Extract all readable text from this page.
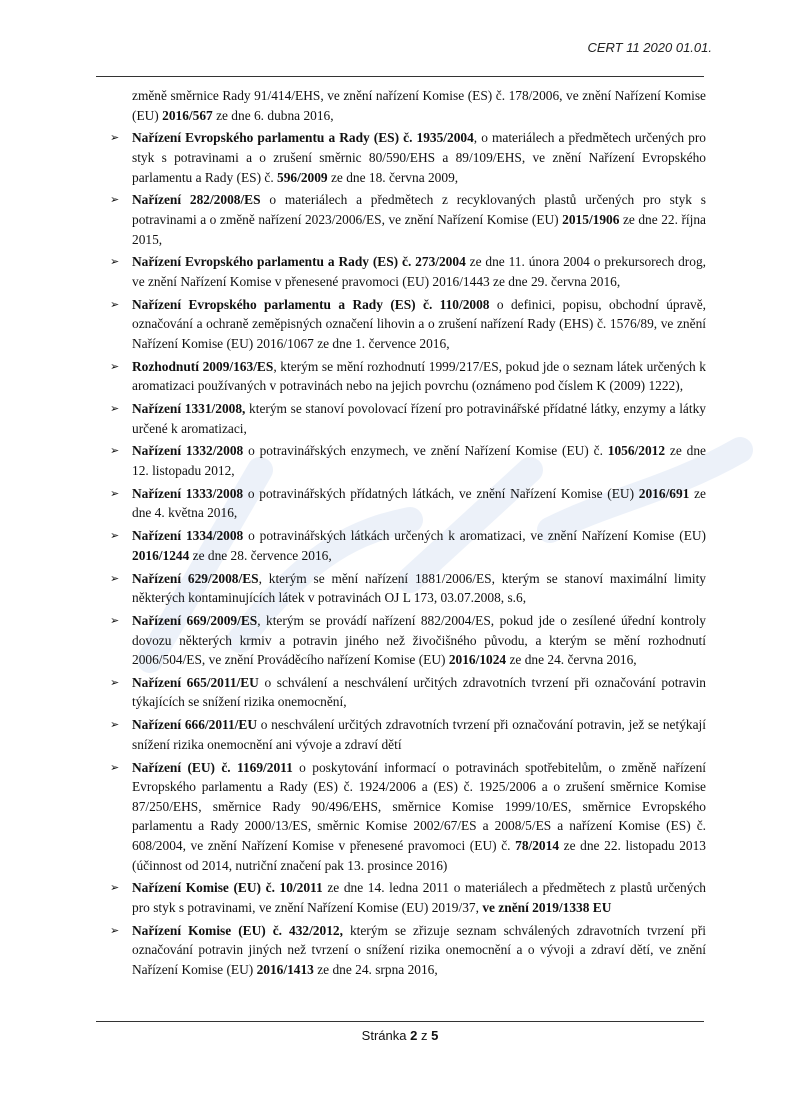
CERT 11 2020 01.01.
změně směrnice Rady 91/414/EHS, ve znění nařízení Komise (ES) č. 178/2006, ve znění Nařízení Komise (EU) 2016/567 ze dne 6. dubna 2016,
➢ Nařízení Evropského parlamentu a Rady (ES) č. 1935/2004, o materiálech a předmětech určených pro styk s potravinami a o zrušení směrnic 80/590/EHS a 89/109/EHS, ve znění Nařízení Evropského parlamentu a Rady (ES) č. 596/2009 ze dne 18. června 2009,
➢ Nařízení 282/2008/ES o materiálech a předmětech z recyklovaných plastů určených pro styk s potravinami a o změně nařízení 2023/2006/ES, ve znění Nařízení Komise (EU) 2015/1906 ze dne 22. října 2015,
➢ Nařízení Evropského parlamentu a Rady (ES) č. 273/2004 ze dne 11. února 2004 o prekursorech drog, ve znění Nařízení Komise v přenesené pravomoci (EU) 2016/1443 ze dne 29. června 2016,
➢ Nařízení Evropského parlamentu a Rady (ES) č. 110/2008 o definici, popisu, obchodní úpravě, označování a ochraně zeměpisných označení lihovin a o zrušení nařízení Rady (EHS) č. 1576/89, ve znění Nařízení Komise (EU) 2016/1067 ze dne 1. července 2016,
➢ Rozhodnutí 2009/163/ES, kterým se mění rozhodnutí 1999/217/ES, pokud jde o seznam látek určených k aromatizaci používaných v potravinách nebo na jejich povrchu (oznámeno pod číslem K (2009) 1222),
➢ Nařízení 1331/2008, kterým se stanoví povolovací řízení pro potravinářské přídatné látky, enzymy a látky určené k aromatizaci,
➢ Nařízení 1332/2008 o potravinářských enzymech, ve znění Nařízení Komise (EU) č. 1056/2012 ze dne 12. listopadu 2012,
➢ Nařízení 1333/2008 o potravinářských přídatných látkách, ve znění Nařízení Komise (EU) 2016/691 ze dne 4. května 2016,
➢ Nařízení 1334/2008 o potravinářských látkách určených k aromatizaci, ve znění Nařízení Komise (EU) 2016/1244 ze dne 28. července 2016,
➢ Nařízení 629/2008/ES, kterým se mění nařízení 1881/2006/ES, kterým se stanoví maximální limity některých kontaminujících látek v potravinách OJ L 173, 03.07.2008, s.6,
➢ Nařízení 669/2009/ES, kterým se provádí nařízení 882/2004/ES, pokud jde o zesílené úřední kontroly dovozu některých krmiv a potravin jiného než živočišného původu, a kterým se mění rozhodnutí 2006/504/ES, ve znění Prováděcího nařízení Komise (EU) 2016/1024 ze dne 24. června 2016,
➢ Nařízení 665/2011/EU o schválení a neschválení určitých zdravotních tvrzení při označování potravin týkajících se snížení rizika onemocnění,
➢ Nařízení 666/2011/EU o neschválení určitých zdravotních tvrzení při označování potravin, jež se netýkají snížení rizika onemocnění ani vývoje a zdraví dětí
➢ Nařízení (EU) č. 1169/2011 o poskytování informací o potravinách spotřebitelům, o změně nařízení Evropského parlamentu a Rady (ES) č. 1924/2006 a (ES) č. 1925/2006 a o zrušení směrnice Komise 87/250/EHS, směrnice Rady 90/496/EHS, směrnice Komise 1999/10/ES, směrnice Evropského parlamentu a Rady 2000/13/ES, směrnic Komise 2002/67/ES a 2008/5/ES a nařízení Komise (ES) č. 608/2004, ve znění Nařízení Komise v přenesené pravomoci (EU) č. 78/2014 ze dne 22. listopadu 2013 (účinnost od 2014, nutriční značení pak 13. prosince 2016)
➢ Nařízení Komise (EU) č. 10/2011 ze dne 14. ledna 2011 o materiálech a předmětech z plastů určených pro styk s potravinami, ve znění Nařízení Komise (EU) 2019/37, ve znění 2019/1338 EU
➢ Nařízení Komise (EU) č. 432/2012, kterým se zřizuje seznam schválených zdravotních tvrzení při označování potravin jiných než tvrzení o snížení rizika onemocnění a o vývoji a zdraví dětí, ve znění Nařízení Komise (EU) 2016/1413 ze dne 24. srpna 2016,
Stránka 2 z 5
